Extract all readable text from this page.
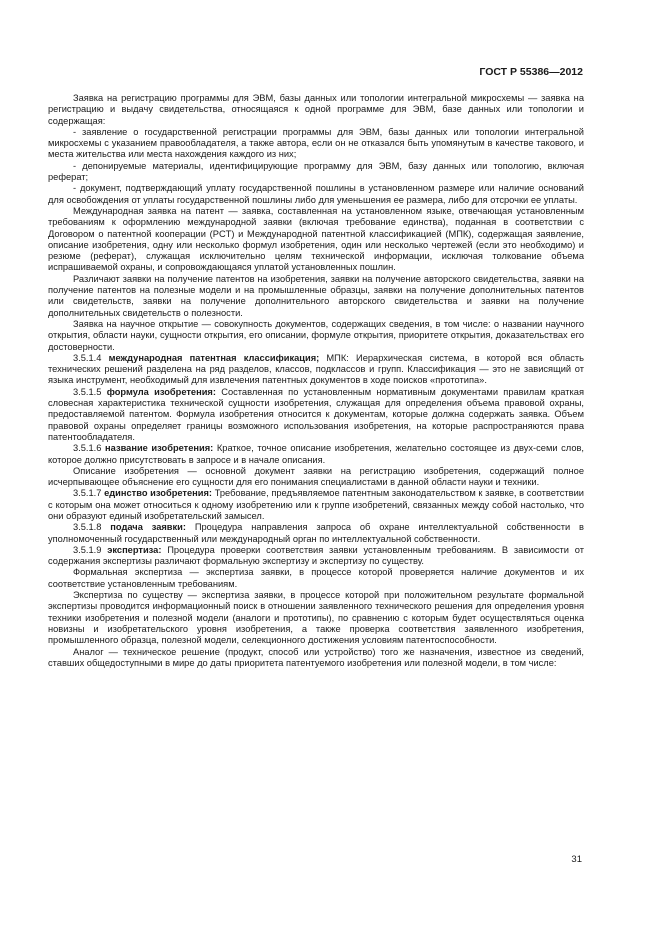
ГОСТ Р 55386—2012

Заявка на регистрацию программы для ЭВМ, базы данных или топологии интегральной микросхемы — заявка на регистрацию и выдачу свидетельства, относящаяся к одной программе для ЭВМ, базе данных или топологии и содержащая:

- заявление о государственной регистрации программы для ЭВМ, базы данных или топологии интегральной микросхемы с указанием правообладателя, а также автора, если он не отказался быть упомянутым в качестве такового, и места жительства или места нахождения каждого из них;

- депонируемые материалы, идентифицирующие программу для ЭВМ, базу данных или топологию, включая реферат;

- документ, подтверждающий уплату государственной пошлины в установленном размере или наличие оснований для освобождения от уплаты государственной пошлины либо для уменьшения ее размера, либо для отсрочки ее уплаты.

Международная заявка на патент — заявка, составленная на установленном языке, отвечающая установленным требованиям к оформлению международной заявки (включая требование единства), поданная в соответствии с Договором о патентной кооперации (PCT) и Международной патентной классификацией (МПК), содержащая заявление, описание изобретения, одну или несколько формул изобретения, один или несколько чертежей (если это необходимо) и резюме (реферат), служащая исключительно целям технической информации, исключая толкование объема испрашиваемой охраны, и сопровождающаяся уплатой установленных пошлин.

Различают заявки на получение патентов на изобретения, заявки на получение авторского свидетельства, заявки на получение патентов на полезные модели и на промышленные образцы, заявки на получение дополнительных патентов или свидетельств, заявки на получение дополнительного авторского свидетельства и заявки на получение дополнительных свидетельств о полезности.

Заявка на научное открытие — совокупность документов, содержащих сведения, в том числе: о названии научного открытия, области науки, сущности открытия, его описании, формуле открытия, приоритете открытия, доказательствах его достоверности.

3.5.1.4 международная патентная классификация; МПК: Иерархическая система, в которой вся область технических решений разделена на ряд разделов, классов, подклассов и групп. Классификация — это не зависящий от языка инструмент, необходимый для извлечения патентных документов в ходе поисков «прототипа».

3.5.1.5 формула изобретения: Составленная по установленным нормативным документами правилам краткая словесная характеристика технической сущности изобретения, служащая для определения объема правовой охраны, предоставляемой патентом. Формула изобретения относится к документам, которые должна содержать заявка. Объем правовой охраны определяет границы возможного использования изобретения, на которые распространяются права патентообладателя.

3.5.1.6 название изобретения: Краткое, точное описание изобретения, желательно состоящее из двух-семи слов, которое должно присутствовать в запросе и в начале описания.

Описание изобретения — основной документ заявки на регистрацию изобретения, содержащий полное исчерпывающее объяснение его сущности для его понимания специалистами в данной области науки и техники.

3.5.1.7 единство изобретения: Требование, предъявляемое патентным законодательством к заявке, в соответствии с которым она может относиться к одному изобретению или к группе изобретений, связанных между собой настолько, что они образуют единый изобретательский замысел.

3.5.1.8 подача заявки: Процедура направления запроса об охране интеллектуальной собственности в уполномоченный государственный или международный орган по интеллектуальной собственности.

3.5.1.9 экспертиза: Процедура проверки соответствия заявки установленным требованиям. В зависимости от содержания экспертизы различают формальную экспертизу и экспертизу по существу.

Формальная экспертиза — экспертиза заявки, в процессе которой проверяется наличие документов и их соответствие установленным требованиям.

Экспертиза по существу — экспертиза заявки, в процессе которой при положительном результате формальной экспертизы проводится информационный поиск в отношении заявленного технического решения для определения уровня техники изобретения и полезной модели (аналоги и прототипы), по сравнению с которым будет осуществляться оценка новизны и изобретательского уровня изобретения, а также проверка соответствия заявленного изобретения, промышленного образца, полезной модели, селекционного достижения условиям патентоспособности.

Аналог — техническое решение (продукт, способ или устройство) того же назначения, известное из сведений, ставших общедоступными в мире до даты приоритета патентуемого изобретения или полезной модели, в том числе:

31
